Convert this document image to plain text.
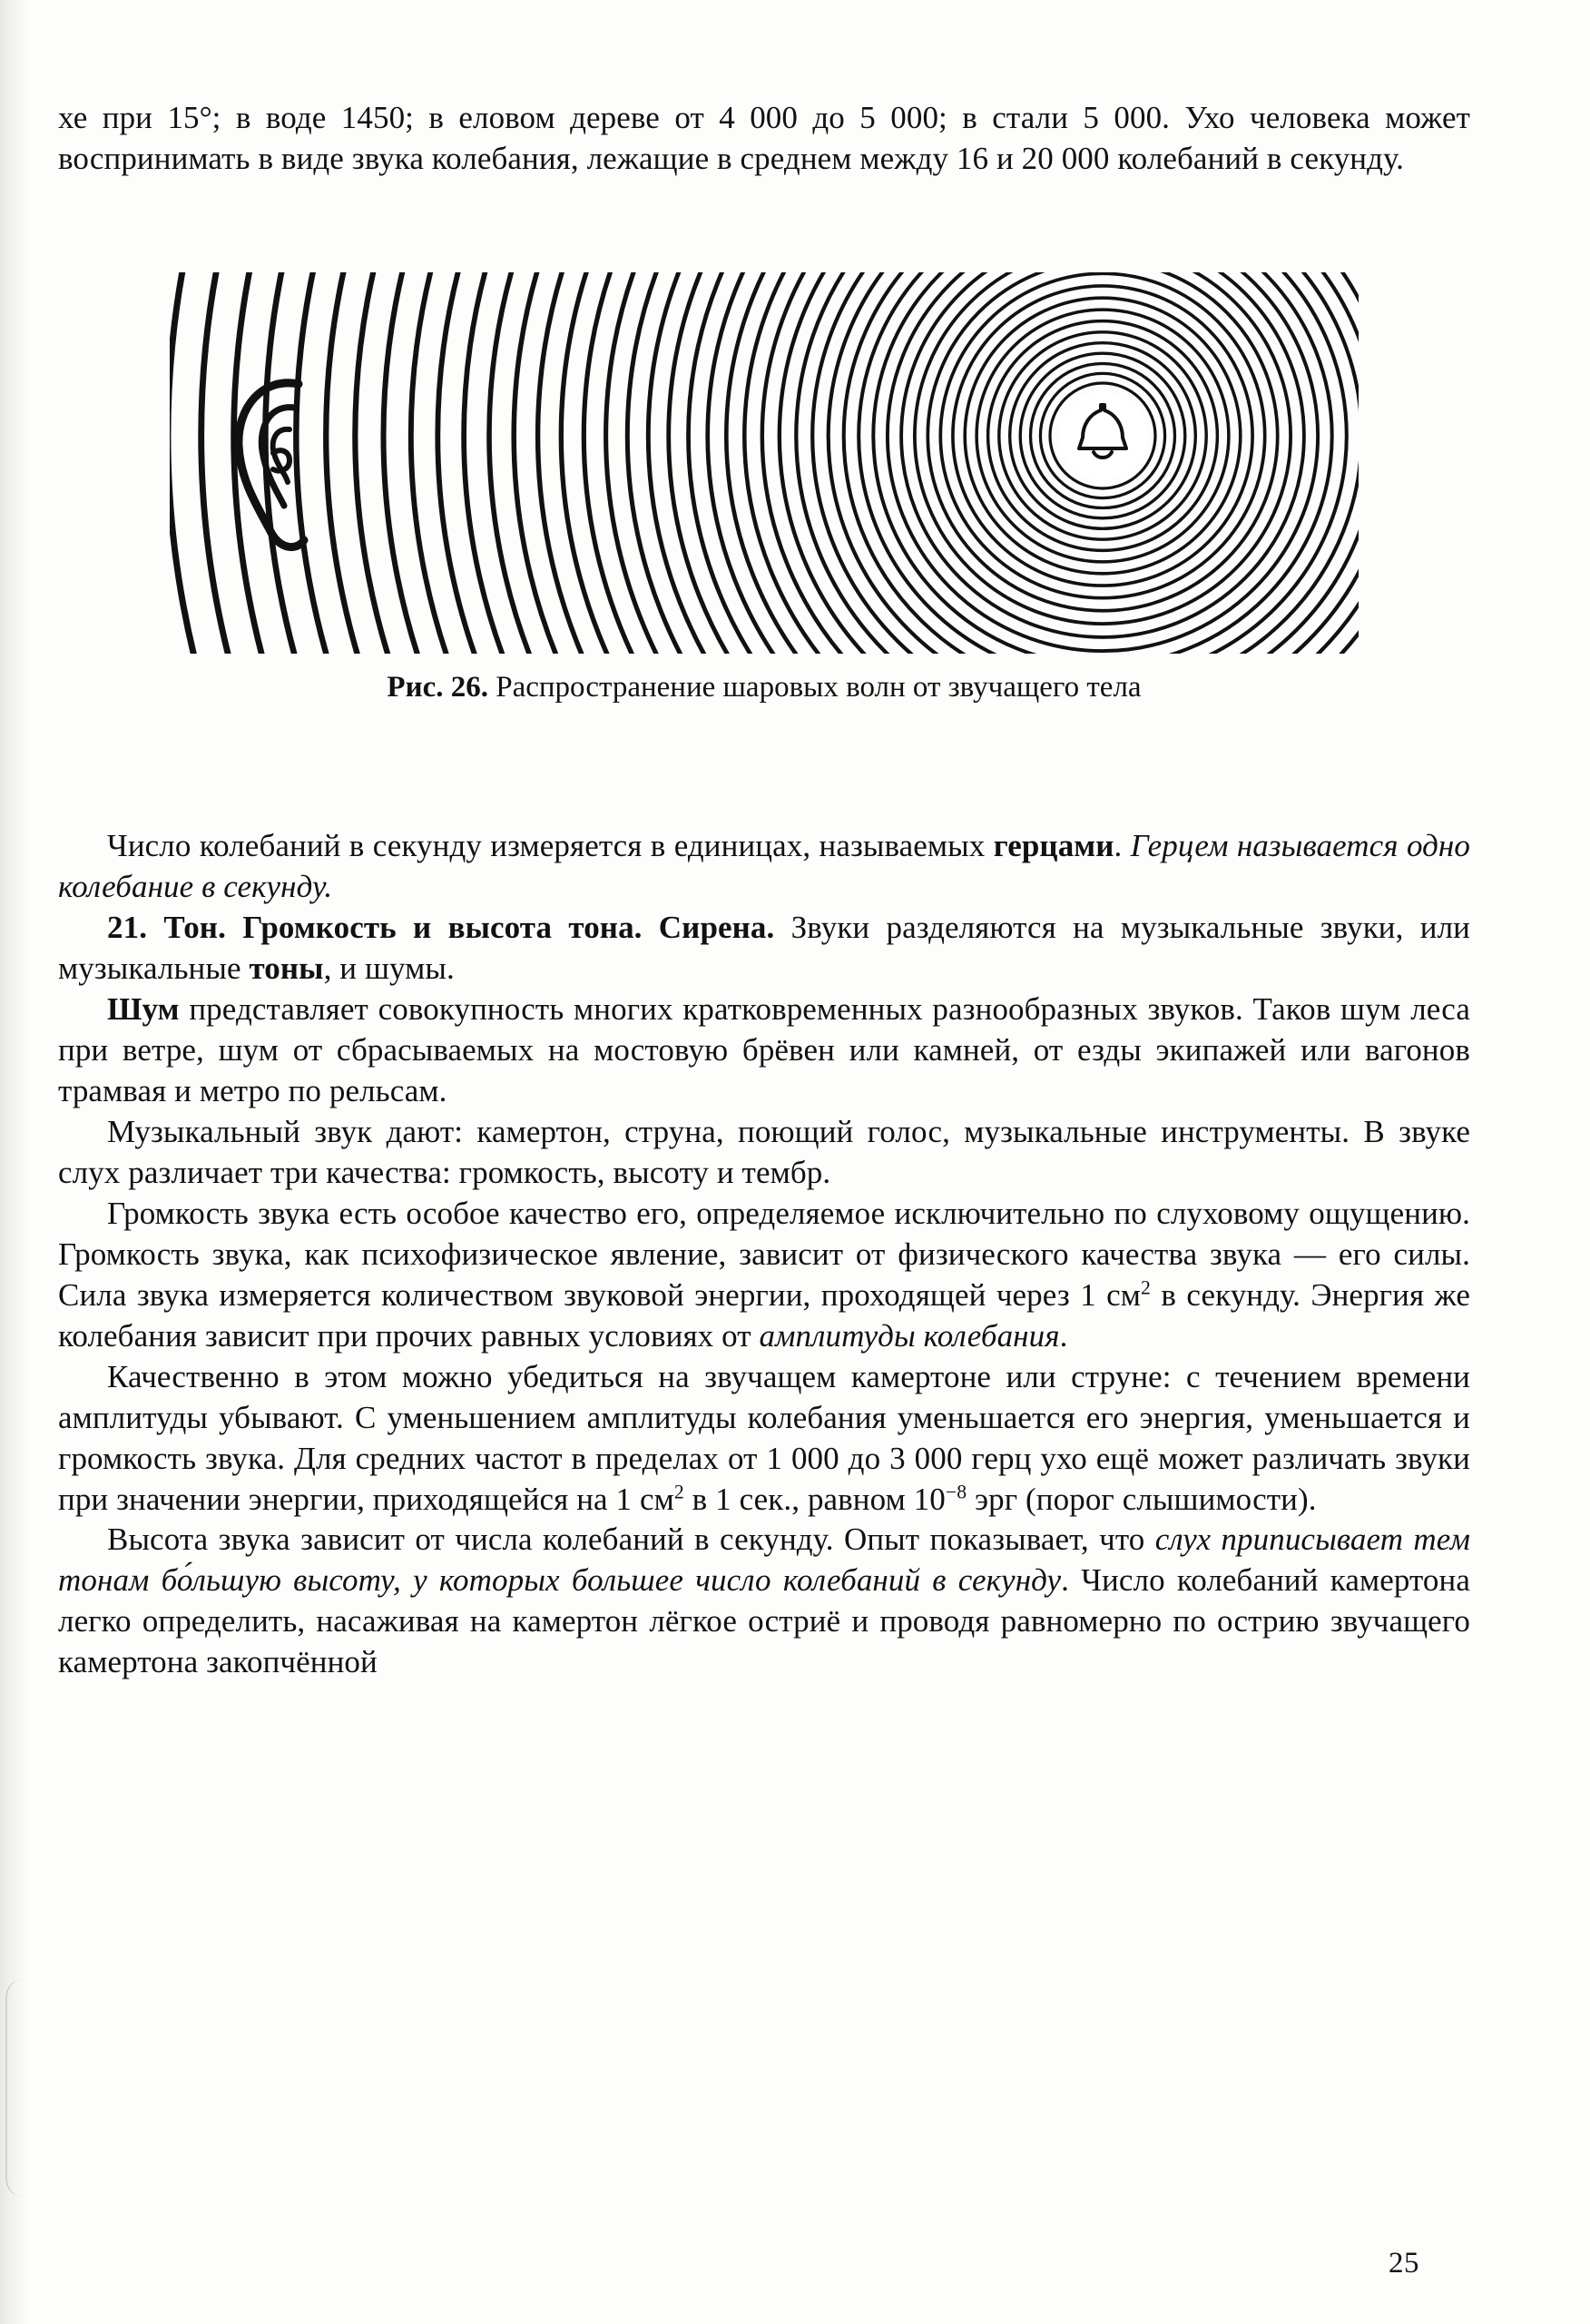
хе при 15°; в воде 1450; в еловом дереве от 4 000 до 5 000; в стали 5 000. Ухо человека может воспринимать в виде звука колебания, лежащие в среднем между 16 и 20 000 колебаний в секунду.

Рис. 26. Распространение шаровых волн от звучащего тела

Число колебаний в секунду измеряется в единицах, называемых герцами. Герцем называется одно колебание в секунду.

21. Тон. Громкость и высота тона. Сирена. Звуки разделяются на музыкальные звуки, или музыкальные тоны, и шумы.

Шум представляет совокупность многих кратковременных разнообразных звуков. Таков шум леса при ветре, шум от сбрасываемых на мостовую брёвен или камней, от езды экипажей или вагонов трамвая и метро по рельсам.

Музыкальный звук дают: камертон, струна, поющий голос, музыкальные инструменты. В звуке слух различает три качества: громкость, высоту и тембр.

Громкость звука есть особое качество его, определяемое исключительно по слуховому ощущению. Громкость звука, как психофизическое явление, зависит от физического качества звука — его силы. Сила звука измеряется количеством звуковой энергии, проходящей через 1 $см^2$ в секунду. Энергия же колебания зависит при прочих равных условиях от амплитуды колебания.

Качественно в этом можно убедиться на звучащем камертоне или струне: с течением времени амплитуды убывают. С уменьшением амплитуды колебания уменьшается его энергия, уменьшается и громкость звука. Для средних частот в пределах от 1 000 до 3 000 герц ухо ещё может различать звуки при значении энергии, приходящейся на 1 $см^2$ в 1 сек., равном $10^{-8}$ эрг (порог слышимости).

Высота звука зависит от числа колебаний в секунду. Опыт показывает, что слух приписывает тем тонам бо́льшую высоту, у которых большее число колебаний в секунду. Число колебаний камертона легко определить, насаживая на камертон лёгкое остриё и проводя равномерно по острию звучащего камертона закопчённой

25
